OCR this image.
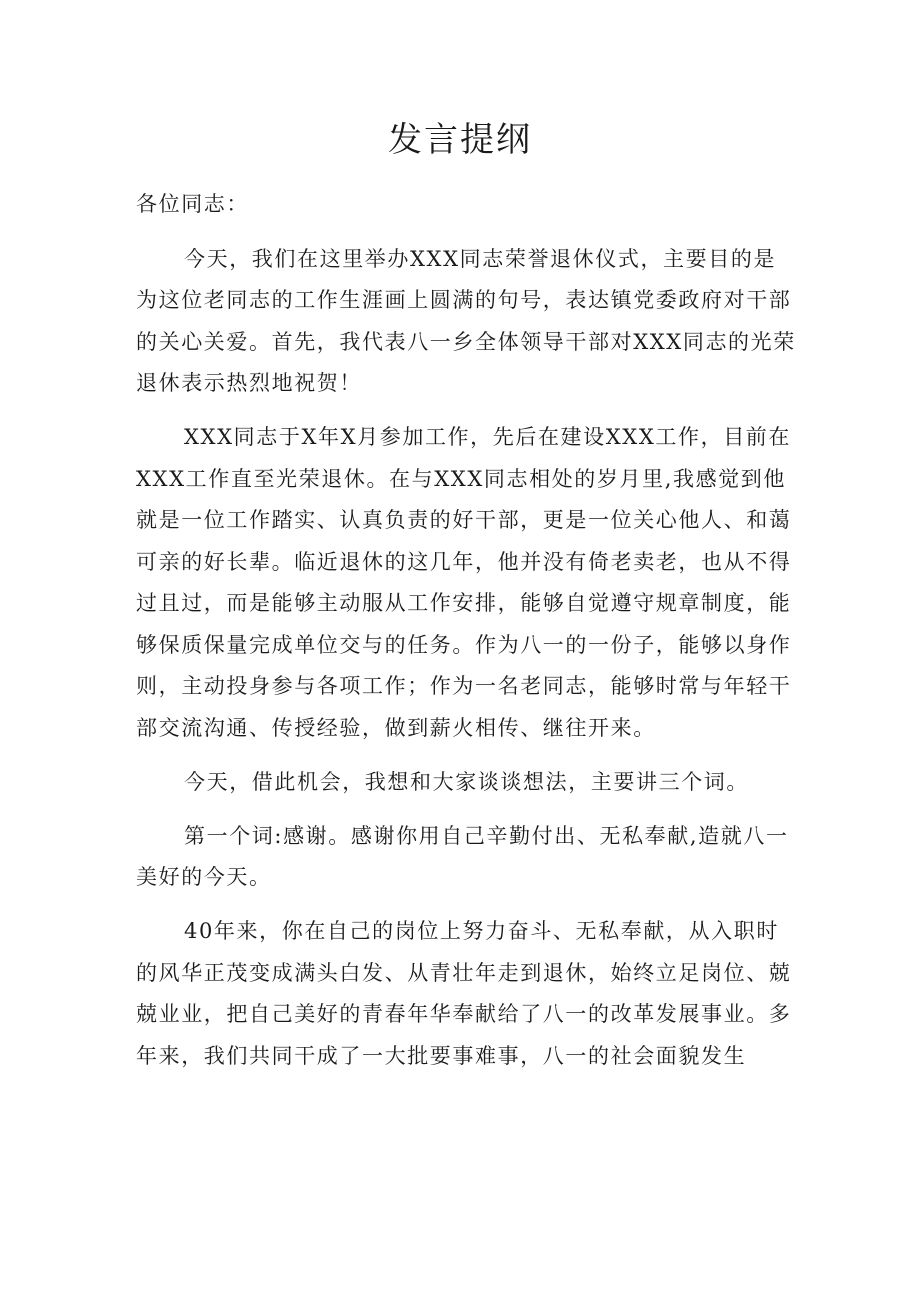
发言提纲

各位同志：

今天，我们在这里举办XXX同志荣誉退休仪式，主要目的是为这位老同志的工作生涯画上圆满的句号，表达镇党委政府对干部的关心关爱。首先，我代表八一乡全体领导干部对XXX同志的光荣退休表示热烈地祝贺！

XXX同志于X年X月参加工作，先后在建设XXX工作，目前在XXX工作直至光荣退休。在与XXX同志相处的岁月里,我感觉到他就是一位工作踏实、认真负责的好干部，更是一位关心他人、和蔼可亲的好长辈。临近退休的这几年，他并没有倚老卖老，也从不得过且过，而是能够主动服从工作安排，能够自觉遵守规章制度，能够保质保量完成单位交与的任务。作为八一的一份子，能够以身作则，主动投身参与各项工作；作为一名老同志，能够时常与年轻干部交流沟通、传授经验，做到薪火相传、继往开来。

今天，借此机会，我想和大家谈谈想法，主要讲三个词。

第一个词:感谢。感谢你用自己辛勤付出、无私奉献,造就八一美好的今天。

40年来，你在自己的岗位上努力奋斗、无私奉献，从入职时的风华正茂变成满头白发、从青壮年走到退休，始终立足岗位、兢兢业业，把自己美好的青春年华奉献给了八一的改革发展事业。多年来，我们共同干成了一大批要事难事，八一的社会面貌发生
